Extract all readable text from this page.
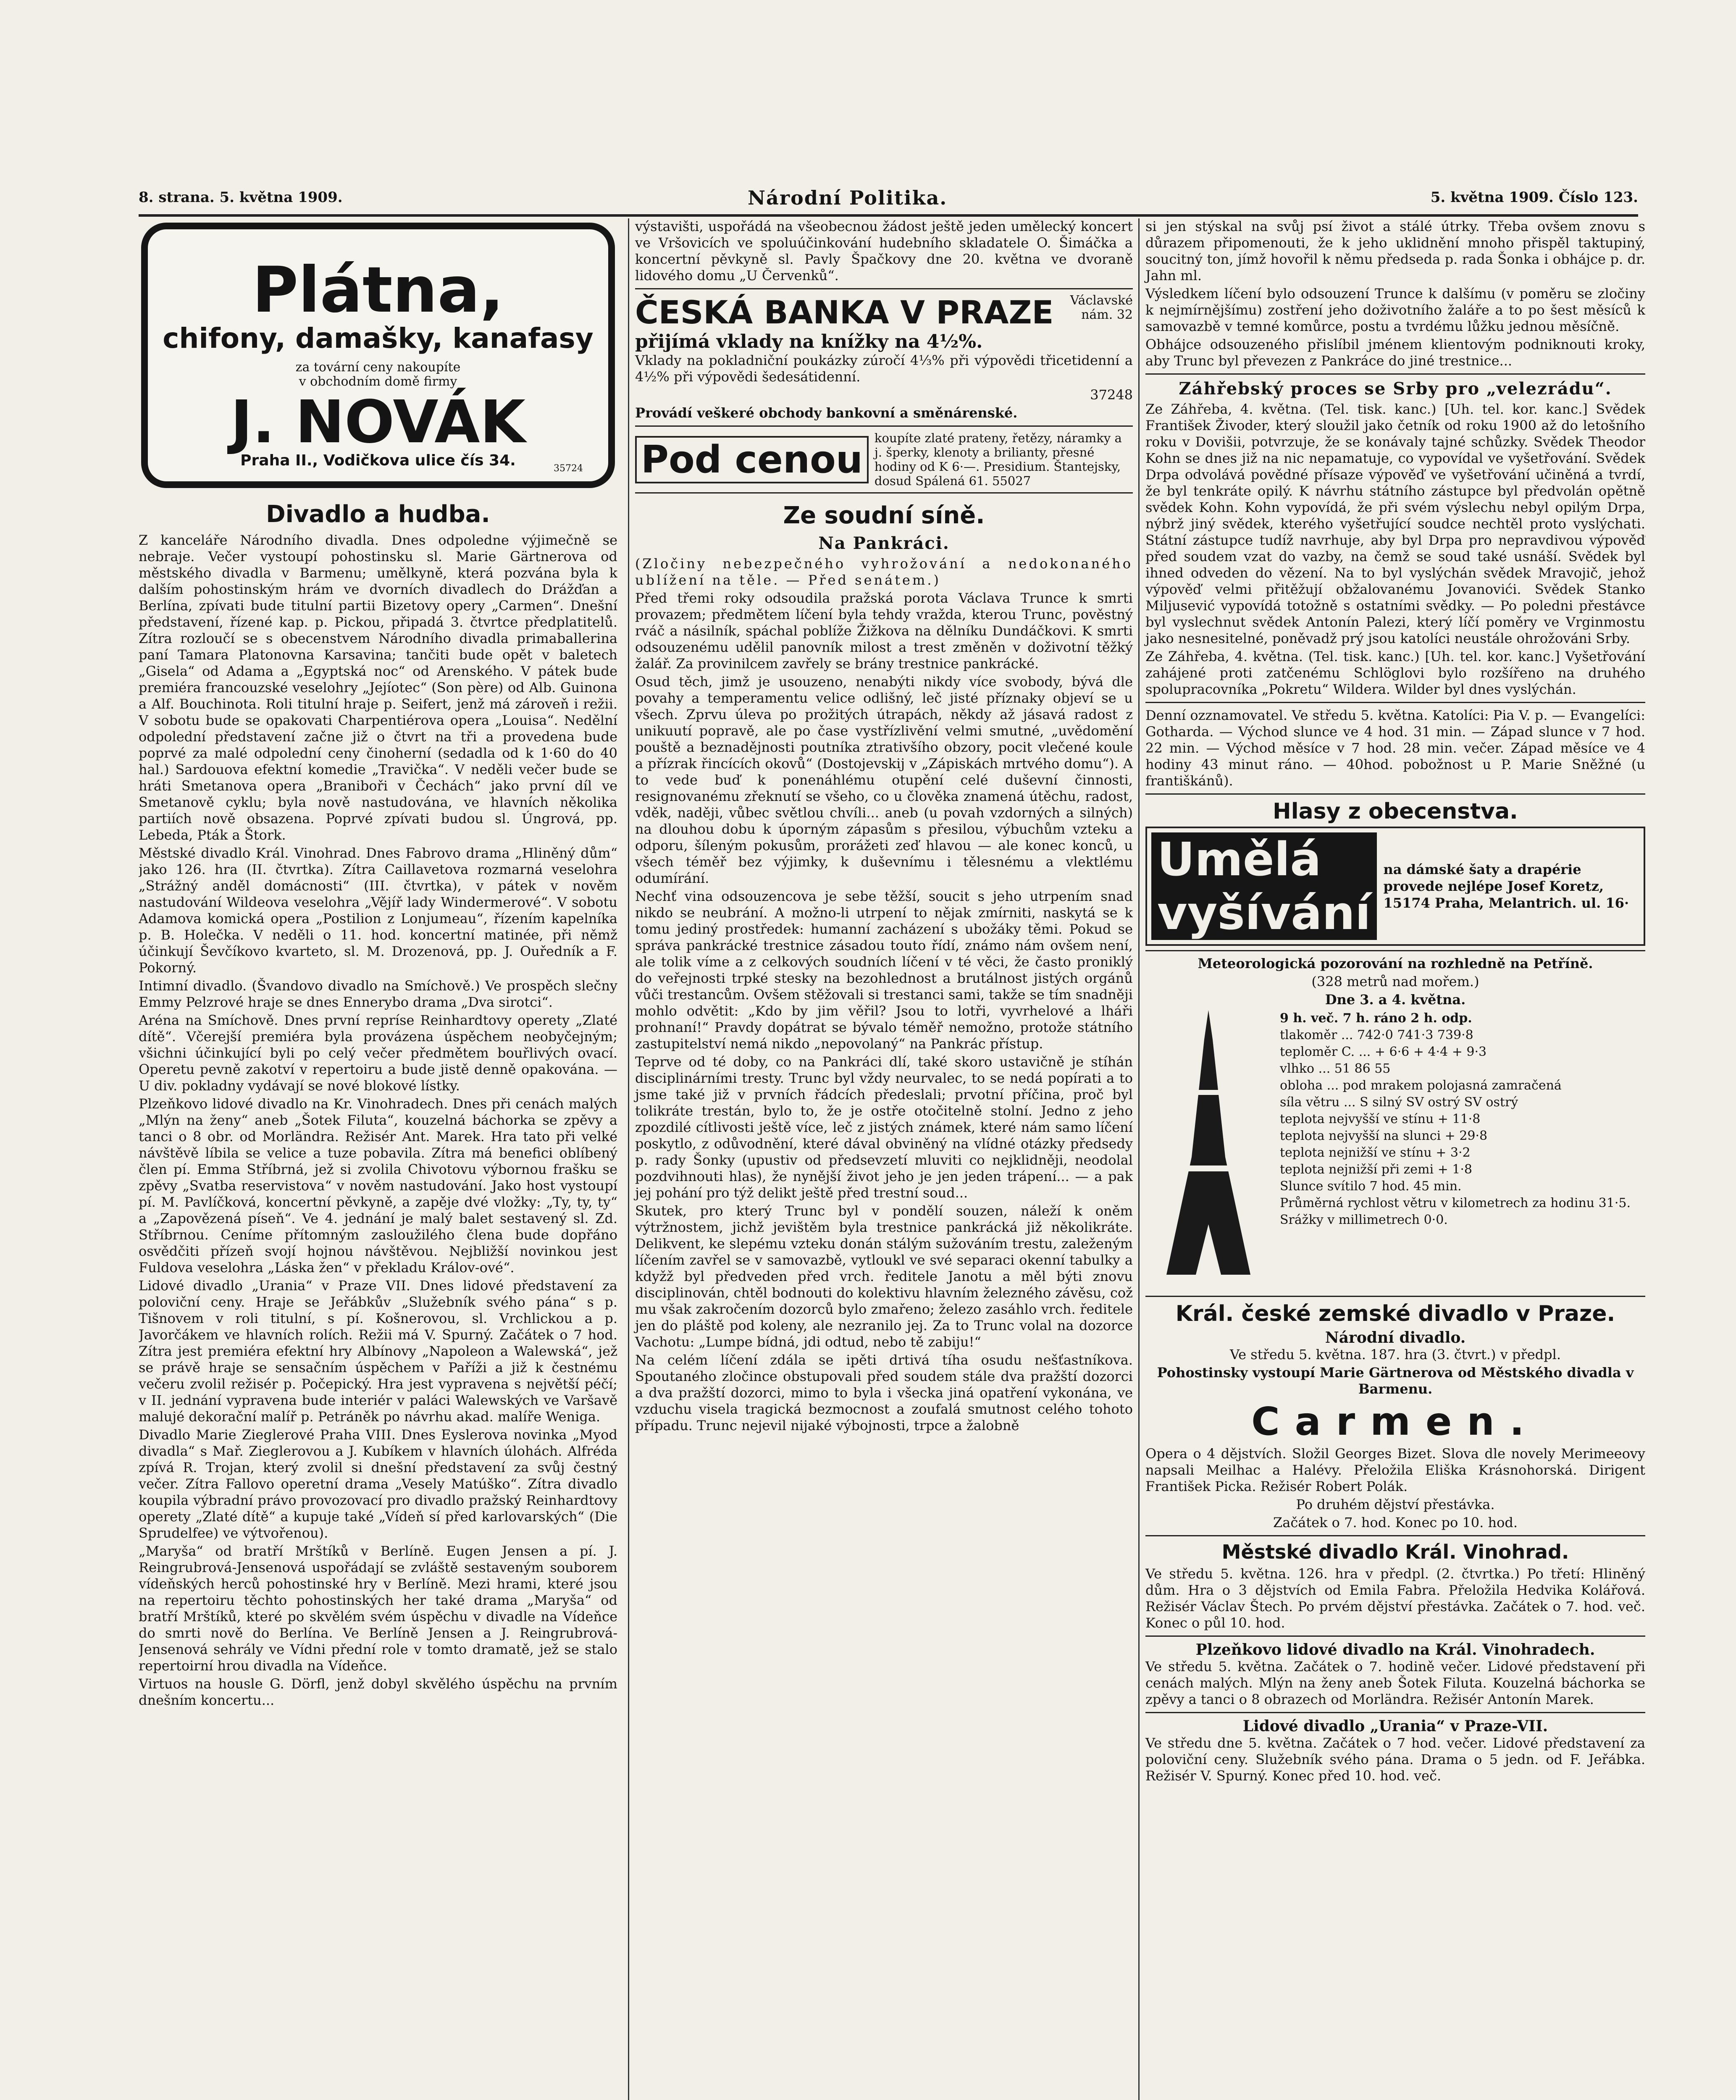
8. strana. 5. května 1909.	Národní Politika.	5. května 1909. Číslo 123.
Plátna,
chifony, damašky, kanafasy
za tovární ceny nakoupíte
v obchodním domě firmy
J. NOVÁK
Praha II., Vodičkova ulice čís 34.	35724
Divadlo a hudba.

Z kanceláře Národního divadla. Dnes odpoledne výjimečně se nebraje. Večer vystoupí pohostinsku sl. Marie Gärtnerova od městského divadla v Barmenu; umělkyně, která pozvána byla k dalším pohostinským hrám ve dvorních divadlech do Drážďan a Berlína, zpívati bude titulní partii Bizetovy opery „Carmen“. Dnešní představení, řízené kap. p. Pickou, připadá 3. čtvrtce předplatitelů. Zítra rozloučí se s obecenstvem Národního divadla primaballerina paní Tamara Platonovna Karsavina; tančiti bude opět v baletech „Gisela“ od Adama a „Egyptská noc“ od Arenského. V pátek bude premiéra francouzské veselohry „Jejíotec“ (Son père) od Alb. Guinona a Alf. Bouchinota. Roli titulní hraje p. Seifert, jenž má zároveň i režii. V sobotu bude se opakovati Charpentiérova opera „Louisa“. Nedělní odpolední představení začne již o čtvrt na tři a provedena bude poprvé za malé odpolední ceny činoherní (sedadla od k 1·60 do 40 hal.) Sardouova efektní komedie „Travička“. V neděli večer bude se hráti Smetanova opera „Braniboři v Čechách“ jako první díl ve Smetanově cyklu; byla nově nastudována, ve hlavních několika partiích nově obsazena. Poprvé zpívati budou sl. Úngrová, pp. Lebeda, Pták a Štork.

Městské divadlo Král. Vinohrad. Dnes Fabrovo drama „Hliněný dům“ jako 126. hra (II. čtvrtka). Zítra Caillavetova rozmarná veselohra „Strážný anděl domácnosti“ (III. čtvrtka), v pátek v nověm nastudování Wildeova veselohra „Vějíř lady Windermerové“. V sobotu Adamova komická opera „Postilion z Lonjumeau“, řízením kapelníka p. B. Holečka. V neděli o 11. hod. koncertní matinée, při němž účinkují Ševčíkovo kvarteto, sl. M. Drozenová, pp. J. Ouředník a F. Pokorný.

Intimní divadlo. (Švandovo divadlo na Smíchově.) Ve prospěch slečny Emmy Pelzrové hraje se dnes Ennerybo drama „Dva sirotci“.

Aréna na Smíchově. Dnes první repríse Reinhardtovy operety „Zlaté dítě“. Včerejší premiéra byla provázena úspěchem neobyčejným; všichni účinkující byli po celý večer předmětem bouřlivých ovací. Operetu pevně zakotví v repertoiru a bude jistě denně opakována. — U div. pokladny vydávají se nové blokové lístky.

Plzeňkovo lidové divadlo na Kr. Vinohradech. Dnes při cenách malých „Mlýn na ženy“ aneb „Šotek Filuta“, kouzelná báchorka se zpěvy a tanci o 8 obr. od Morländra. Režisér Ant. Marek. Hra tato při velké návštěvě líbila se velice a tuze pobavila. Zítra má benefici oblíbený člen pí. Emma Stříbrná, jež si zvolila Chivotovu výbornou frašku se zpěvy „Svatba reservistova“ v nověm nastudování. Jako host vystoupí pí. M. Pavlíčková, koncertní pěvkyně, a zapěje dvé vložky: „Ty, ty, ty“ a „Zapovězená píseň“. Ve 4. jednání je malý balet sestavený sl. Zd. Stříbrnou. Ceníme přítomným zasloužilého člena bude dopřáno osvědčiti přízeň svojí hojnou návštěvou. Nejbližší novinkou jest Fuldova veselohra „Láska žen“ v překladu Králov-ové“.

Lidové divadlo „Urania“ v Praze VII. Dnes lidové představení za poloviční ceny. Hraje se Jeřábkův „Služebník svého pána“ s p. Tišnovem v roli titulní, s pí. Košnerovou, sl. Vrchlickou a p. Javorčákem ve hlavních rolích. Režii má V. Spurný. Začátek o 7 hod. Zítra jest premiéra efektní hry Albínovy „Napoleon a Walewská“, jež se právě hraje se sensačním úspěchem v Paříži a již k čestnému večeru zvolil režisér p. Počepický. Hra jest vypravena s největší péčí; v II. jednání vypravena bude interiér v paláci Walewských ve Varšavě malujé dekorační malíř p. Petráněk po návrhu akad. malíře Wenigа.

Divadlo Marie Zieglerové Praha VIII. Dnes Eyslerova novinka „Myod divadla“ s Mař. Zieglerovou a J. Kubíkem v hlavních úlohách. Alfréda zpívá R. Trojan, který zvolil si dnešní představení za svůj čestný večer. Zítra Fallovo operetní drama „Vesely Matúško“. Zítra divadlo koupila výbradní právo provozovací pro divadlo pražský Reinhardtovy operety „Zlaté dítě“ a kupuje také „Vídeň sí před karlovarských“ (Die Sprudelfee) ve výtvořenou).

„Maryša“ od bratří Mrštíků v Berlíně. Eugen Jensen a pí. J. Reingrubrová-Jensenová uspořádají se zvláště sestaveným souborem vídeňských herců pohostinské hry v Berlíně. Mezi hrami, které jsou na repertoiru těchto pohostinských her také drama „Maryša“ od bratří Mrštíků, které po skvělém svém úspěchu v divadle na Vídeňce do smrti nově do Berlína. Ve Berlíně Jensen a J. Reingrubrová-Jensenová sehrály ve Vídni přední role v tomto dramatě, jež se stalo repertoirní hrou divadla na Vídeňce.

Virtuos na housle G. Dörfl, jenž dobyl skvělého úspěchu na prvním dnešním koncertu...

výstavišti, uspořádá na všeobecnou žádost ještě jeden umělecký koncert ve Vršovicích ve spoluúčinkování hudebního skladatele O. Šimáčka a koncertní pěvkyně sl. Pavly Špačkovy dne 20. května ve dvoraně lidového domu „U Červenků“.

Václavské
nám. 32
ČESKÁ BANKA V PRAZE
přijímá vklady na knížky na 4½%.

Vklady na pokladniční poukázky zúročí 4⅓% při výpovědi třicetidenní a 4½% při výpovědi šedesátidenní.

37248

Provádí veškeré obchody bankovní a směnárenské.

Pod cenou koupíte zlaté prateny, řetězy, náramky a j. šperky, klenoty a brilianty, přesné hodiny od K 6·—. Presidium. Štantejsky, dosud Spálená 61. 55027
Ze soudní síně.
Na Pankráci.

(Zločiny nebezpečného vyhrožování a nedokonaného ublížení na těle. — Před senátem.)

Před třemi roky odsoudila pražská porota Václava Trunce k smrti provazem; předmětem líčení byla tehdy vražda, kterou Trunc, pověstný rváč a násilník, spáchal poblíže Žižkova na dělníku Dundáčkovi. K smrti odsouzenému udělil panovník milost a trest změněn v doživotní těžký žalář. Za provinilcem zavřely se brány trestnice pankrácké.

Osud těch, jimž je usouzeno, nenabýti nikdy více svobody, bývá dle povahy a temperamentu velice odlišný, leč jisté příznaky objeví se u všech. Zprvu úleva po prožitých útrapách, někdy až jásavá radost z unikuutí popravě, ale po čase vystřízlivění velmi smutné, „uvědomění pouště a beznadějnosti poutníka ztrativšího obzory, pocit vlečené koule a přízrak řincících okovů“ (Dostojevskij v „Zápiskách mrtvého domu“). A to vede buď k ponenáhlému otupění celé duševní činnosti, resignovanému zřeknutí se všeho, co u člověka znamená útěchu, radost, vděk, naději, vůbec světlou chvíli... aneb (u povah vzdorných a silných) na dlouhou dobu k úporným zápasům s přesilou, výbuchům vzteku a odporu, šíleným pokusům, prorážeti zeď hlavou — ale konec konců, u všech téměř bez výjimky, k duševnímu i tělesnému a vlektlému odumírání.

Nechť vina odsouzencova je sebe těžší, soucit s jeho utrpením snad nikdo se neubrání. A možno-li utrpení to nějak zmírniti, naskytá se k tomu jediný prostředek: humanní zacházení s ubožáky těmi. Pokud se správa pankrácké trestnice zásadou touto řídí, známo nám ovšem není, ale tolik víme a z celkových soudních líčení v té věci, že často proniklý do veřejnosti trpké stesky na bezohlednost a brutálnost jistých orgánů vůči trestancům. Ovšem stěžovali si trestanci sami, takže se tím snadněji mohlo odvětit: „Kdo by jim věřil? Jsou to lotři, vyvrhelové a lháři prohnaní!“ Pravdy dopátrat se bývalo téměř nemožno, protože státního zastupitelství nemá nikdo „nepovolaný“ na Pankrác přístup.

Teprve od té doby, co na Pankráci dlí, také skoro ustavičně je stíhán disciplinárními tresty. Trunc byl vždy neurvalec, to se nedá popírati a to jsme také již v prvních řádcích předeslali; prvotní příčina, proč byl tolikráte trestán, bylo to, že je ostře otočitelně stolní. Jedno z jeho zpozdilé cítlivosti ještě více, leč z jistých známek, které nám samo líčení poskytlo, z odůvodnění, které dával obviněný na vlídné otázky předsedy p. rady Šonky (upustiv od předsevzetí mluviti co nejklidněji, neodolal pozdvihnouti hlas), že nynější život jeho je jen jeden trápení... — a pak jej pohání pro týž delikt ještě před trestní soud...

Skutek, pro který Trunc byl v pondělí souzen, náleží k oněm výtržnostem, jichž jevištěm byla trestnice pankrácká již několikráte. Delikvent, ke slepému vzteku donán stálým sužováním trestu, zaleženým líčením zavřel se v samovazbě, vytloukl ve své separaci okenní tabulky a kdyžž byl předveden před vrch. ředitele Janotu a měl býti znovu disciplinován, chtěl bodnouti do kolektivu hlavním železného závěsu, což mu však zakročením dozorců bylo zmařeno; železo zasáhlo vrch. ředitele jen do pláště pod koleny, ale nezranilo jej. Za to Trunc volal na dozorce Vachotu: „Lumpe bídná, jdi odtud, nebo tě zabiju!“

Na celém líčení zdála se ipěti drtivá tíha osudu nešťastníkova. Spoutaného zločince obstupovali před soudem stále dva pražští dozorci a dva pražští dozorci, mimo to byla i všecka jiná opatření vykonána, ve vzduchu visela tragická bezmocnost a zoufalá smutnost celého tohoto případu. Trunc nejevil nijaké výbojnosti, trpce a žalobně

si jen stýskal na svůj psí život a stálé útrky. Třeba ovšem znovu s důrazem připomenouti, že k jeho uklidnění mnoho přispěl taktupiný, soucitný ton, jímž hovořil k němu předseda p. rada Šonka i obhájce p. dr. Jahn ml.

Výsledkem líčení bylo odsouzení Trunce k dalšímu (v poměru se zločiny k nejmírnějšímu) zostření jeho doživotního žaláře a to po šest měsíců k samovazbě v temné komůrce, postu a tvrdému lůžku jednou měsíčně.

Obhájce odsouzeného přislíbil jménem klientovým podniknouti kroky, aby Trunc byl převezen z Pankráce do jiné trestnice...

Záhřebský proces se Srby pro „velezrádu“.

Ze Záhřeba, 4. května. (Tel. tisk. kanc.) [Uh. tel. kor. kanc.] Svědek František Živoder, který sloužil jako četník od roku 1900 až do letošního roku v Dovišii, potvrzuje, že se konávaly tajné schůzky. Svědek Theodor Kohn se dnes již na nic nepamatuje, co vypovídal ve vyšetřování. Svědek Drpa odvolává povědné přísaze výpověď ve vyšetřování učiněná a tvrdí, že byl tenkráte opilý. K návrhu státního zástupce byl předvolán opětně svědek Kohn. Kohn vypovídá, že při svém výslechu nebyl opilým Drpa, nýbrž jiný svědek, kterého vyšetřující soudce nechtěl proto vyslýchati. Státní zástupce tudíž navrhuje, aby byl Drpa pro nepravdivou výpověď před soudem vzat do vazby, na čemž se soud také usnáší. Svědek byl ihned odveden do vězení. Na to byl vyslýchán svědek Mravojič, jehož výpověď velmi přitěžují obžalovanému Jovanovići. Svědek Stanko Miljusević vypovídá totožně s ostatními svědky. — Po poledni přestávce byl vyslechnut svědek Antonín Palezi, který líčí poměry ve Vrginmostu jako nesnesitelné, poněvadž prý jsou katolíci neustále ohrožováni Srby.

Ze Záhřeba, 4. května. (Tel. tisk. kanc.) [Uh. tel. kor. kanc.] Vyšetřování zahájené proti zatčenému Schlöglovi bylo rozšířeno na druhého spolupracovníka „Pokretu“ Wildera. Wilder byl dnes vyslýchán.

Denní ozznamovatel. Ve středu 5. května. Katolíci: Pia V. p. — Evangelíci: Gotharda. — Východ slunce ve 4 hod. 31 min. — Západ slunce v 7 hod. 22 min. — Východ měsíce v 7 hod. 28 min. večer. Západ měsíce ve 4 hodiny 43 minut ráno. — 40hod. pobožnost u P. Marie Sněžné (u františkánů).

Hlasy z obecenstva.
Umělá vyšívání
na dámské šaty a drapérie provede nejlépe Josef Koretz, 15174 Praha, Melantrich. ul. 16·

Meteorologická pozorování na rozhledně na Petříně.

(328 metrů nad mořem.)

Dne 3. a 4. května.

9 h. več. 7 h. ráno 2 h. odp.
tlakoměr ... 742·0 741·3 739·8
teploměr C. ... + 6·6 + 4·4 + 9·3
vlhko ... 51 86 55
obloha ... pod mrakem polojasná zamračená
síla větru ... S silný SV ostrý SV ostrý
teplota nejvyšší ve stínu + 11·8
teplota nejvyšší na slunci + 29·8
teplota nejnižší ve stínu + 3·2
teplota nejnižší při zemi + 1·8
Slunce svítilo 7 hod. 45 min.
Průměrná rychlost větru v kilometrech za hodinu 31·5.
Srážky v millimetrech 0·0.
Král. české zemské divadlo v Praze.
Národní divadlo.

Ve středu 5. května. 187. hra (3. čtvrt.) v předpl.

Pohostinsky vystoupí Marie Gärtnerova od Městského divadla v Barmenu.

Carmen.

Opera o 4 dějstvích. Složil Georges Bizet. Slova dle novely Merimeeovy napsali Meilhac a Halévy. Přeložila Eliška Krásnohorská. Dirigent František Picka. Režisér Robert Polák.

Po druhém dějství přestávka.

Začátek o 7. hod. Konec po 10. hod.

Městské divadlo Král. Vinohrad.

Ve středu 5. května. 126. hra v předpl. (2. čtvrtka.) Po třetí: Hliněný dům. Hra o 3 dějstvích od Emila Fabra. Přeložila Hedvika Kolářová. Režisér Václav Štech. Po prvém dějství přestávka. Začátek o 7. hod. več. Konec o půl 10. hod.

Plzeňkovo lidové divadlo na Král. Vinohradech.

Ve středu 5. května. Začátek o 7. hodině večer. Lidové představení při cenách malých. Mlýn na ženy aneb Šotek Filuta. Kouzelná báchorka se zpěvy a tanci o 8 obrazech od Morländra. Režisér Antonín Marek.

Lidové divadlo „Urania“ v Praze-VII.

Ve středu dne 5. května. Začátek o 7 hod. večer. Lidové představení za poloviční ceny. Služebník svého pána. Drama o 5 jedn. od F. Jeřábka. Režisér V. Spurný. Konec před 10. hod. več.
